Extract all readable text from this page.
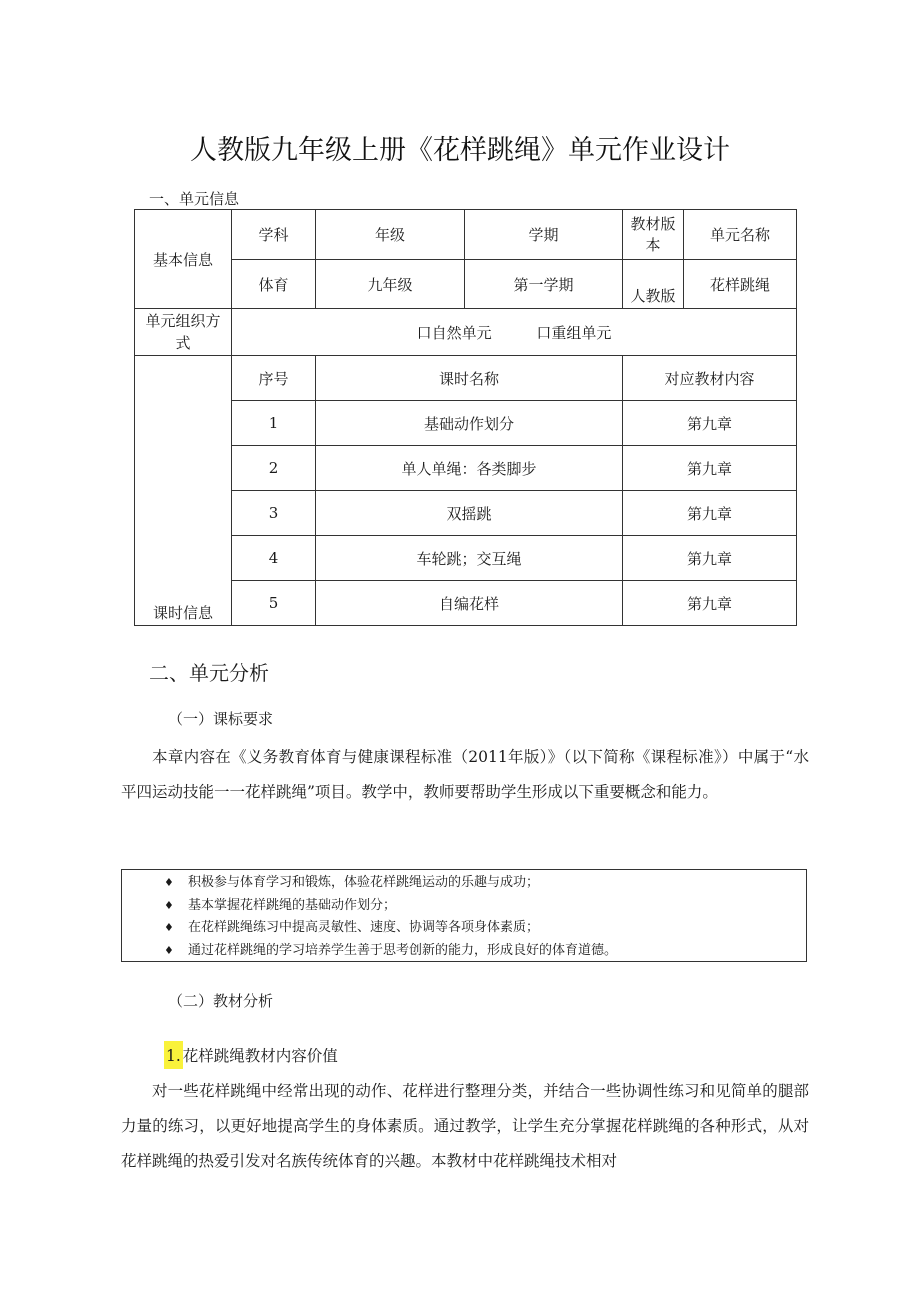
人教版九年级上册《花样跳绳》单元作业设计
一、单元信息
基本信息	学科	年级	学期	教材版本	单元名称
	体育	九年级	第一学期	人教版	花样跳绳

单元组织方式	口自然单元 口重组单元				
课时信息	序号	课时名称		对应教材内容	
	1	基础动作划分		第九章	
	2	单人单绳：各类脚步		第九章	
	3	双摇跳		第九章	
	4	车轮跳；交互绳		第九章	
	5	自编花样		第九章	
二、单元分析
（一）课标要求
本章内容在《义务教育体育与健康课程标准（2011年版）》（以下简称《课程标准》）中属于“水平四运动技能一一花样跳绳”项目。教学中，教师要帮助学生形成以下重要概念和能力。
♦ 积极参与体育学习和锻炼，体验花样跳绳运动的乐趣与成功；
♦ 基本掌握花样跳绳的基础动作划分；
♦ 在花样跳绳练习中提高灵敏性、速度、协调等各项身体素质；
♦ 通过花样跳绳的学习培养学生善于思考创新的能力，形成良好的体育道德。
（二）教材分析
1. 花样跳绳教材内容价值
对一些花样跳绳中经常出现的动作、花样进行整理分类，并结合一些协调性练习和见简单的腿部力量的练习，以更好地提高学生的身体素质。通过教学，让学生充分掌握花样跳绳的各种形式，从对花样跳绳的热爱引发对名族传统体育的兴趣。本教材中花样跳绳技术相对
